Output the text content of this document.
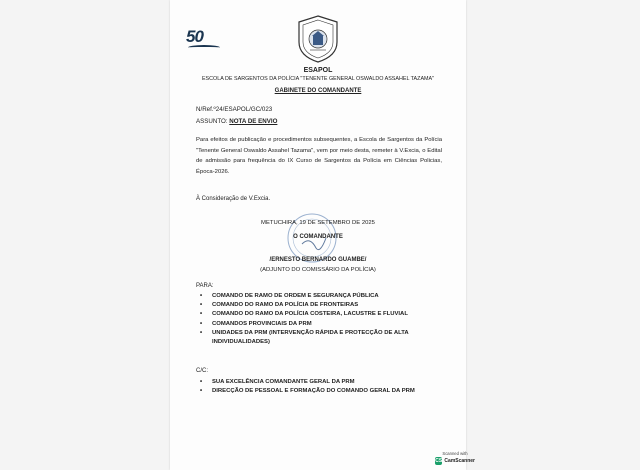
50
ESAPOL
ESCOLA DE SARGENTOS DA POLÍCIA "TENENTE GENERAL OSWALDO ASSAHEL TAZAMA"
GABINETE DO COMANDANTE
N/Ref.º24/ESAPOL/GC/023
ASSUNTO: NOTA DE ENVIO
Para efeitos de publicação e procedimentos subsequentes, a Escola de Sargentos da Polícia "Tenente General Oswaldo Assahel Tazama", vem por meio desta, remeter à V.Excia, o Edital de admissão para frequência do IX Curso de Sargentos da Polícia em Ciências Policias, Época-2026.
À Consideração de V.Excia.
METUCHIRA, 19 DE SETEMBRO DE 2025
O COMANDANTE
/ERNESTO BERNARDO GUAMBE/
(ADJUNTO DO COMISSÁRIO DA POLÍCIA)
PARA:
• COMANDO DE RAMO DE ORDEM E SEGURANÇA PÚBLICA
• COMANDO DO RAMO DA POLÍCIA DE FRONTEIRAS
• COMANDO DO RAMO DA POLÍCIA COSTEIRA, LACUSTRE E FLUVIAL
• COMANDOS PROVINCIAIS DA PRM
• UNIDADES DA PRM (INTERVENÇÃO RÁPIDA E PROTECÇÃO DE ALTA INDIVIDUALIDADES)
C/C:
• SUA EXCELÊNCIA COMANDANTE GERAL DA PRM
• DIRECÇÃO DE PESSOAL E FORMAÇÃO DO COMANDO GERAL DA PRM
Scanned with
CS CamScanner
